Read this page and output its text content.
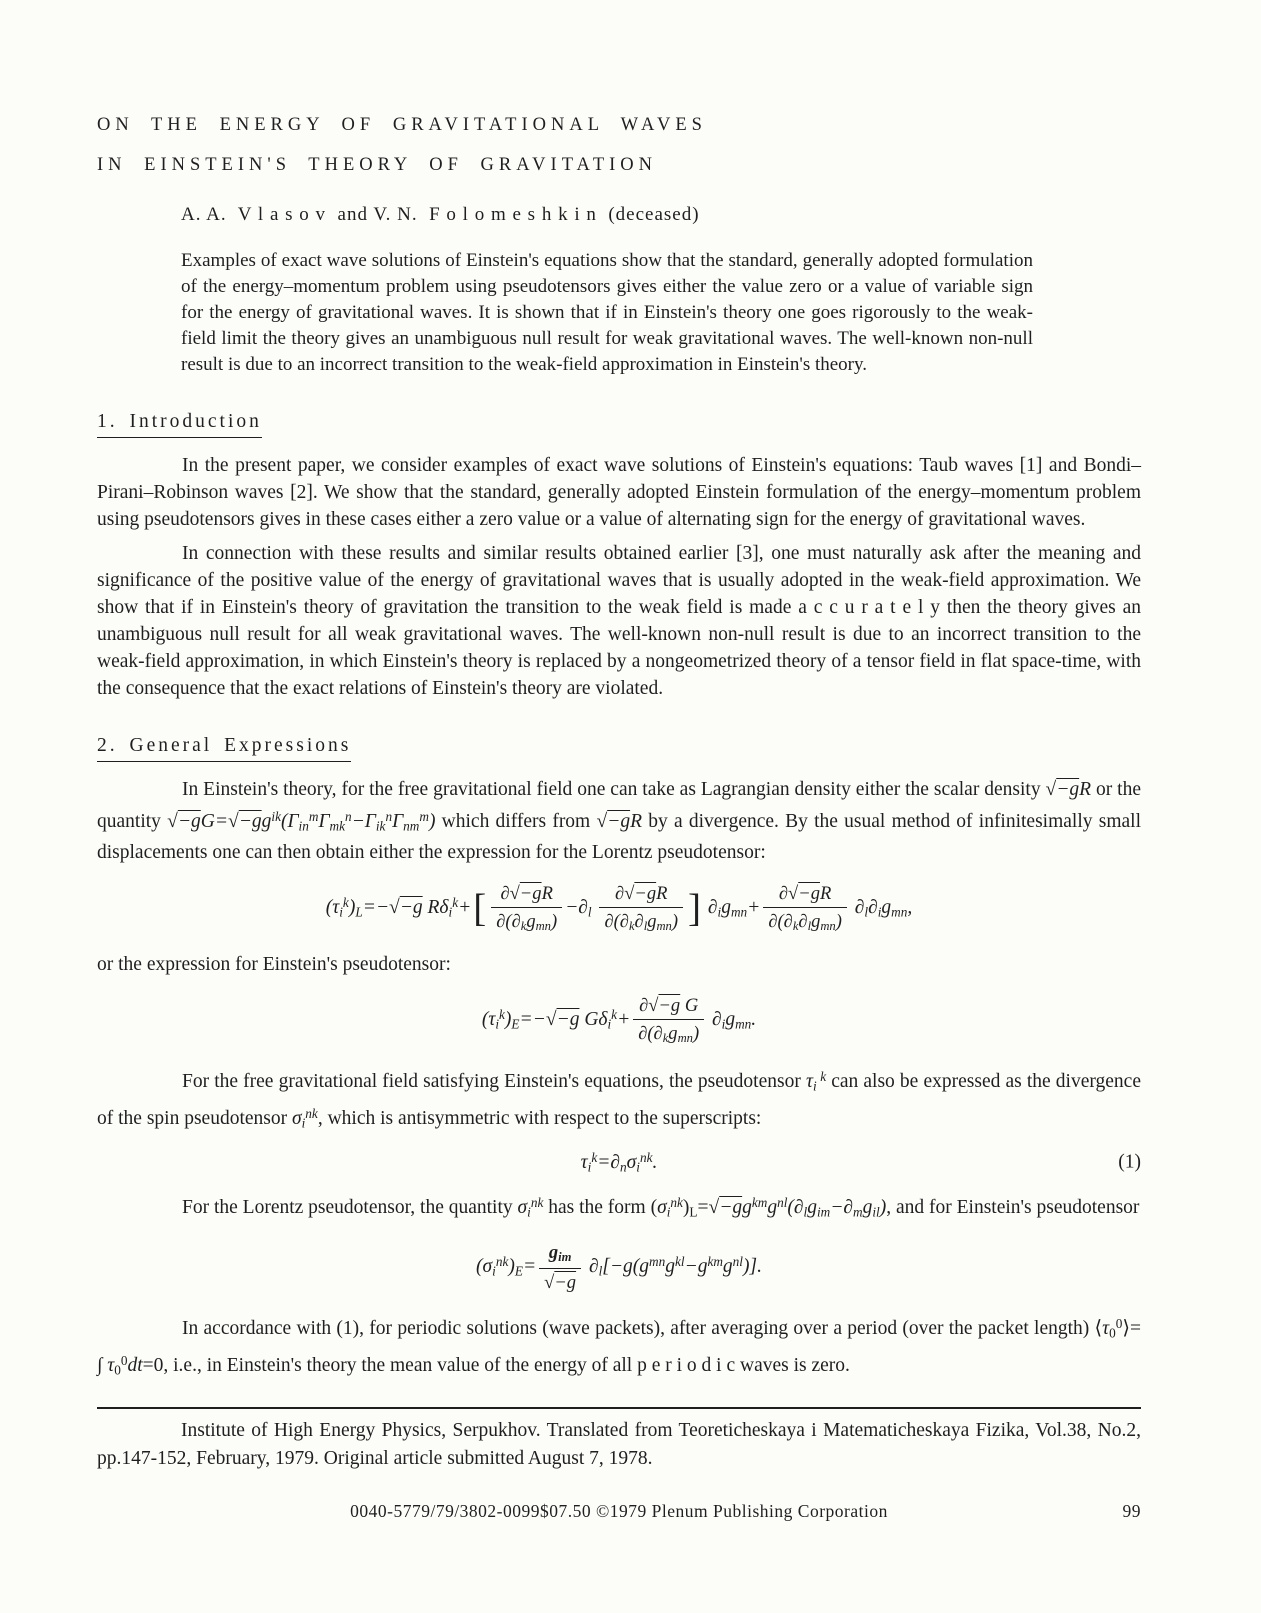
ON THE ENERGY OF GRAVITATIONAL WAVES
IN EINSTEIN'S THEORY OF GRAVITATION
A. A.  V l a s o v  and V. N.  F o l o m e s h k i n  (deceased)

Examples of exact wave solutions of Einstein's equations show that the standard, generally adopted formulation of the energy–momentum problem using pseudotensors gives either the value zero or a value of variable sign for the energy of gravitational waves. It is shown that if in Einstein's theory one goes rigorously to the weak-field limit the theory gives an unambiguous null result for weak gravitational waves. The well-known non-null result is due to an incorrect transition to the weak-field approximation in Einstein's theory.

1. Introduction

In the present paper, we consider examples of exact wave solutions of Einstein's equations: Taub waves [1] and Bondi–Pirani–Robinson waves [2]. We show that the standard, generally adopted Einstein formulation of the energy–momentum problem using pseudotensors gives in these cases either a zero value or a value of alternating sign for the energy of gravitational waves.

In connection with these results and similar results obtained earlier [3], one must naturally ask after the meaning and significance of the positive value of the energy of gravitational waves that is usually adopted in the weak-field approximation. We show that if in Einstein's theory of gravitation the transition to the weak field is made a c c u r a t e l y then the theory gives an unambiguous null result for all weak gravitational waves. The well-known non-null result is due to an incorrect transition to the weak-field approximation, in which Einstein's theory is replaced by a nongeometrized theory of a tensor field in flat space-time, with the consequence that the exact relations of Einstein's theory are violated.

2. General Expressions

In Einstein's theory, for the free gravitational field one can take as Lagrangian density either the scalar density √−gR or the quantity $√-gG=√-gg^{ik}(\Gamma_{in}^m\Gamma_{mk}^n-\Gamma_{ik}^n\Gamma_{nm}^m)$ which differs from √−gR by a divergence. By the usual method of infinitesimally small displacements one can then obtain either the expression for the Lorentz pseudotensor:

$(\tau_i^k)_L=-√-g$ $R\delta_i^k+[ \frac{\partial√-gR}{\partial(\partial_kg_{mn})} -\partial_l \frac{\partial√-gR}{\partial(\partial_k\partial_lg_{mn})}$ ] $\partial_ig_{mn}+ \frac{\partial√-gR}{\partial(\partial_k\partial_lg_{mn})} \partial_l\partial_ig_{mn}$,

or the expression for Einstein's pseudotensor:

$(\tau_i^k)_E=-√-g$ $G\delta_i^k+ \frac{\text{∂√−g G}}{\partial(\partial_kg_{mn})} \partial_ig_{mn}$.

For the free gravitational field satisfying Einstein's equations, the pseudotensor $\tau_i$ $^k$ can also be expressed as the divergence of the spin pseudotensor $\sigma_i^{nk}$, which is antisymmetric with respect to the superscripts:

$\tau_i^k=\partial_n\sigma_i^{nk}$.	(1)

For the Lorentz pseudotensor, the quantity $\sigma_i^{nk}$ has the form $(\sigma_i^{nk})_L=√-gg^{km}g^{nl}(\partial_lg_{im}-\partial_mg_{il})$, and for Einstein's pseudotensor

$(\sigma_i^{nk})_E= \frac{g_{im}}{√-g} \partial_l[-g(g^{mn}g^{kl}-g^{km}g^{nl})]$.

In accordance with (1), for periodic solutions (wave packets), after averaging over a period (over the packet length) $⟨\tau_0^0⟩=$ ∫ $\tau_0^0dt=0$, i.e., in Einstein's theory the mean value of the energy of all p e r i o d i c waves is zero.

Institute of High Energy Physics, Serpukhov. Translated from Teoreticheskaya i Matematicheskaya Fizika, Vol.38, No.2, pp.147-152, February, 1979. Original article submitted August 7, 1978.

0040-5779/79/3802-0099$07.50 ©1979 Plenum Publishing Corporation	99
